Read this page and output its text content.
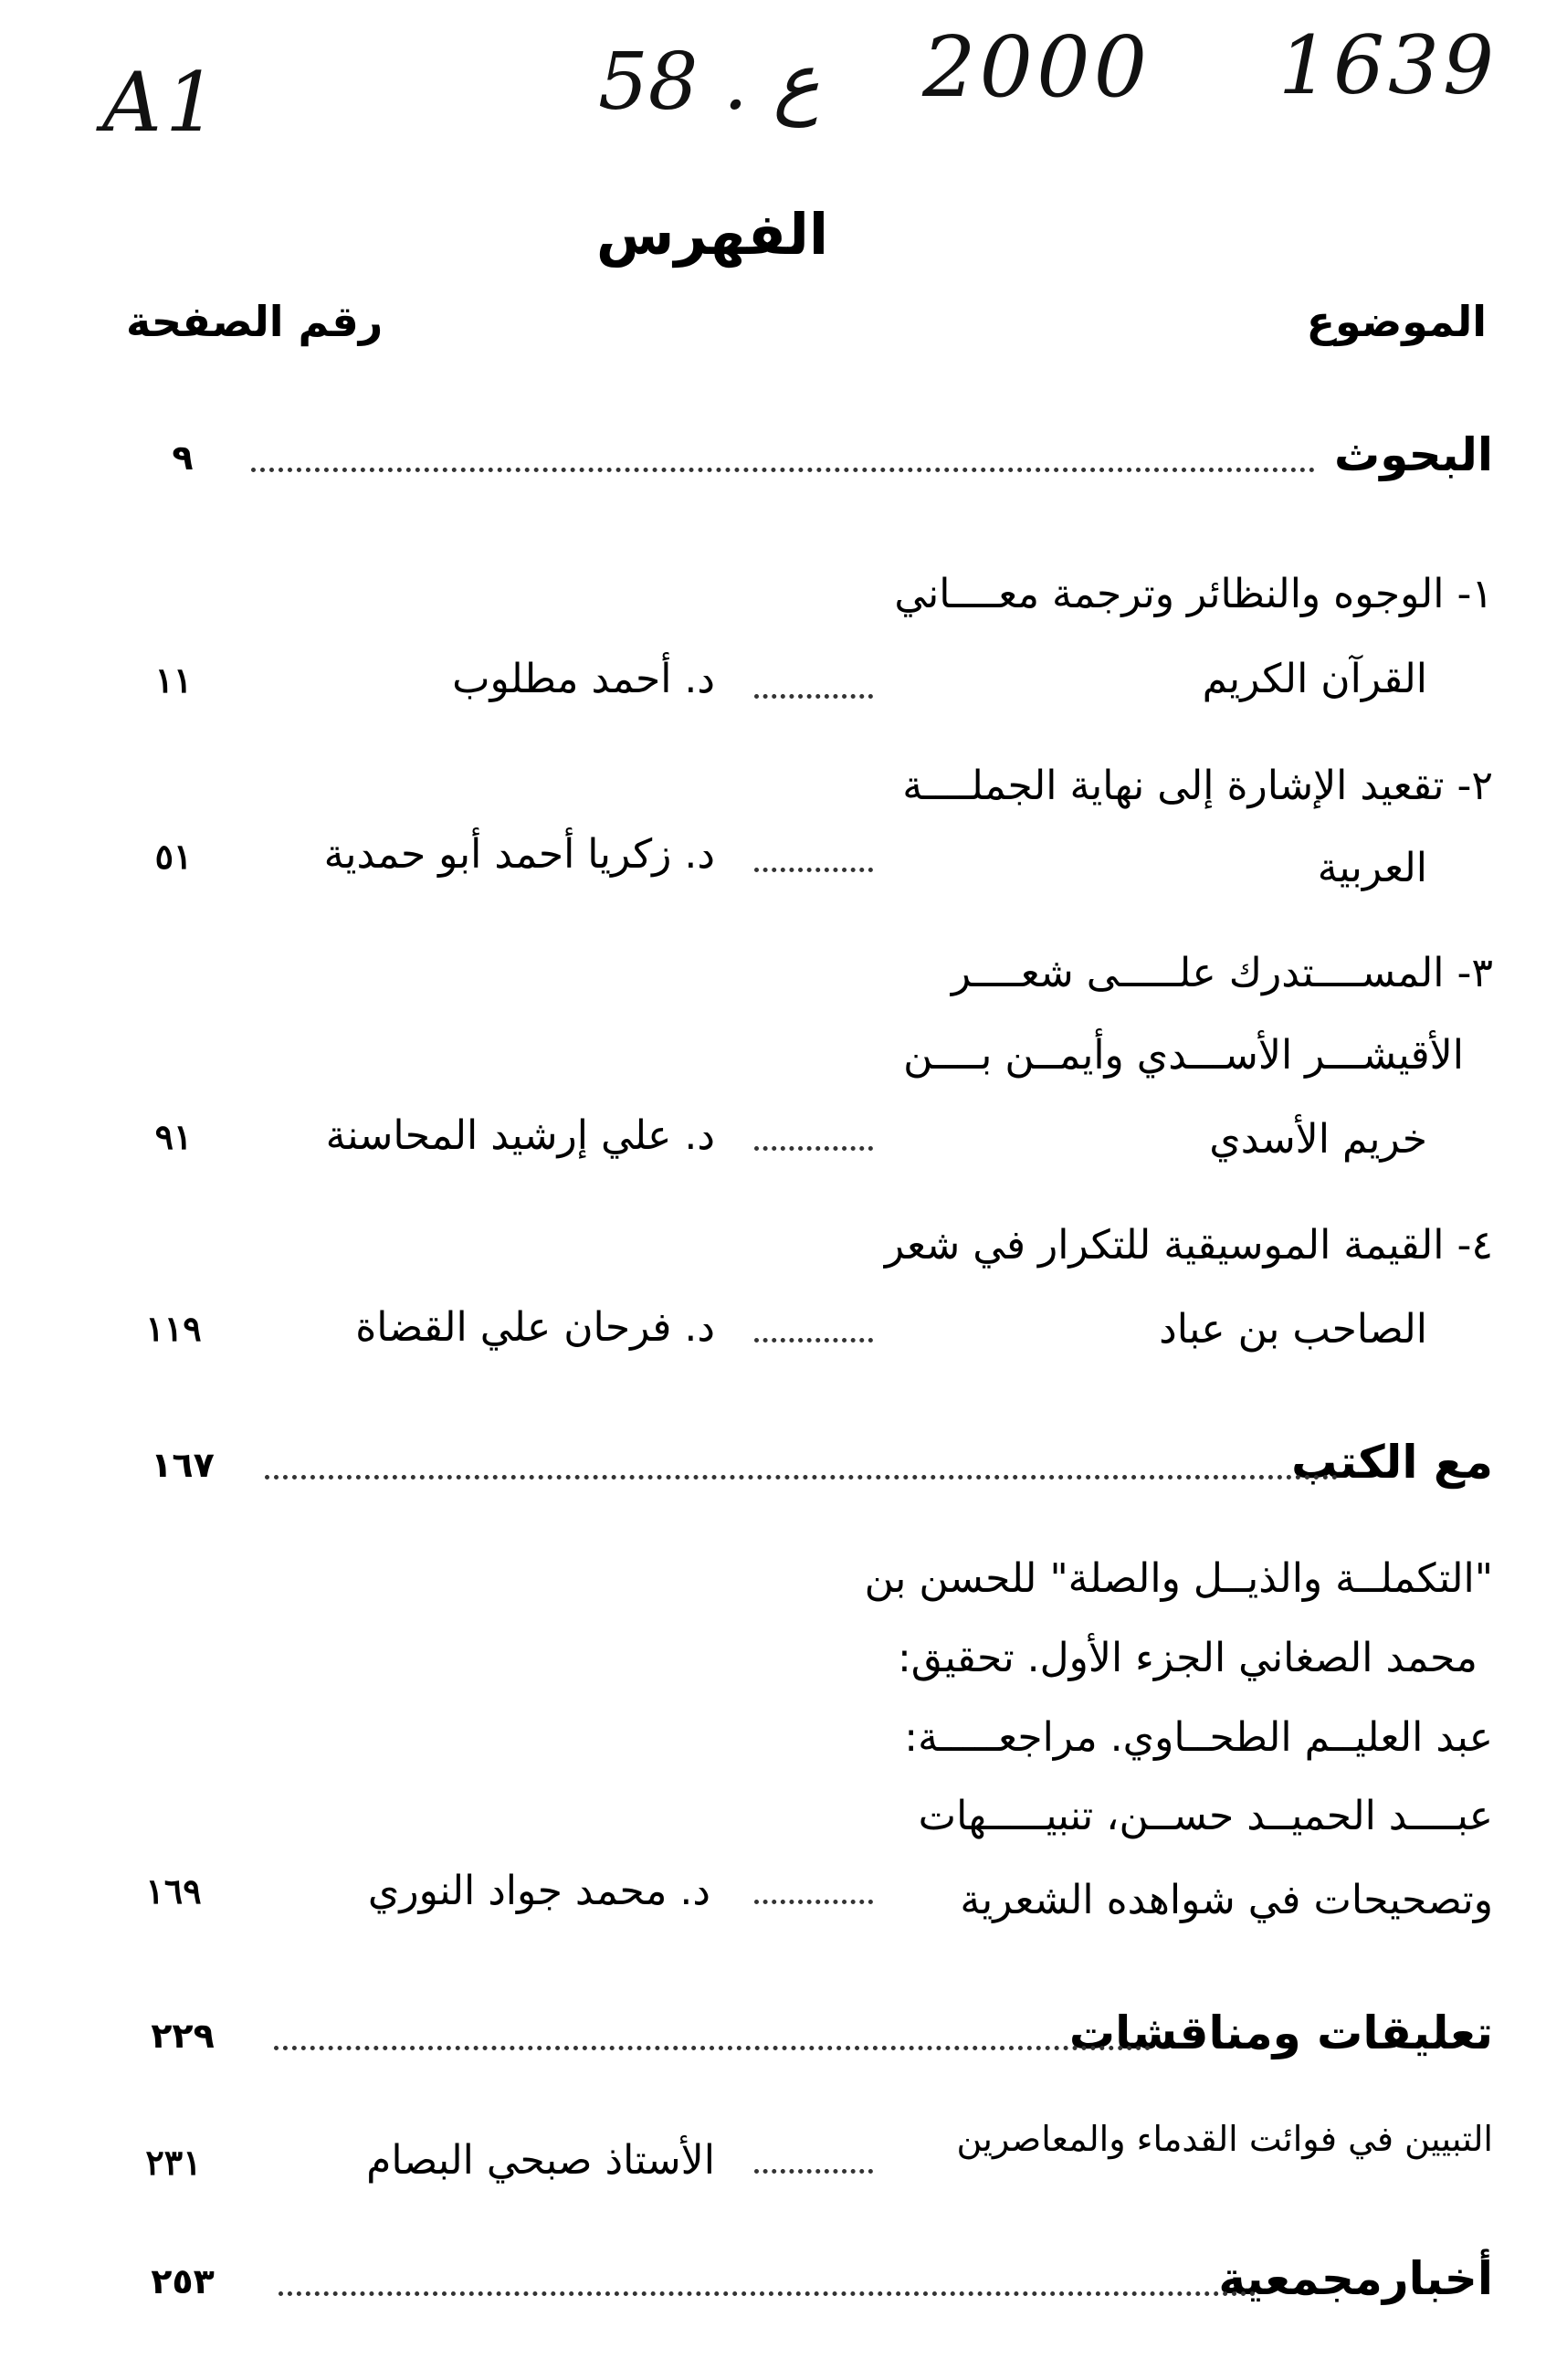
A1	58 . ع 2000 1639
الفهرس
الموضوع
رقم الصفحة
البحوث
٩
١- الوجوه والنظائر وترجمة معــــاني
القرآن الكريم
د. أحمد مطلوب
١١
٢- تقعيد الإشارة إلى نهاية الجملــــة
العربية
د. زكريا أحمد أبو حمدية
٥١
٣- المســــتدرك علـــــى شعــــر
الأقيشـــر الأســـدي وأيمــن بــــن
خريم الأسدي
د. علي إرشيد المحاسنة
٩١
٤- القيمة الموسيقية للتكرار في شعر
الصاحب بن عباد
د. فرحان علي القضاة
١١٩
مع الكتب
١٦٧
"التكملــة والذيــل والصلة" للحسن بن
محمد الصغاني الجزء الأول. تحقيق:
عبد العليــم الطحــاوي. مراجعـــــة:
عبــــد الحميــد حســن، تنبيـــــهات
وتصحيحات في شواهده الشعرية
د. محمد جواد النوري
١٦٩
تعليقات ومناقشات
٢٢٩
التبيين في فوائت القدماء والمعاصرين
الأستاذ صبحي البصام
٢٣١
أخبارمجمعية
٢٥٣
